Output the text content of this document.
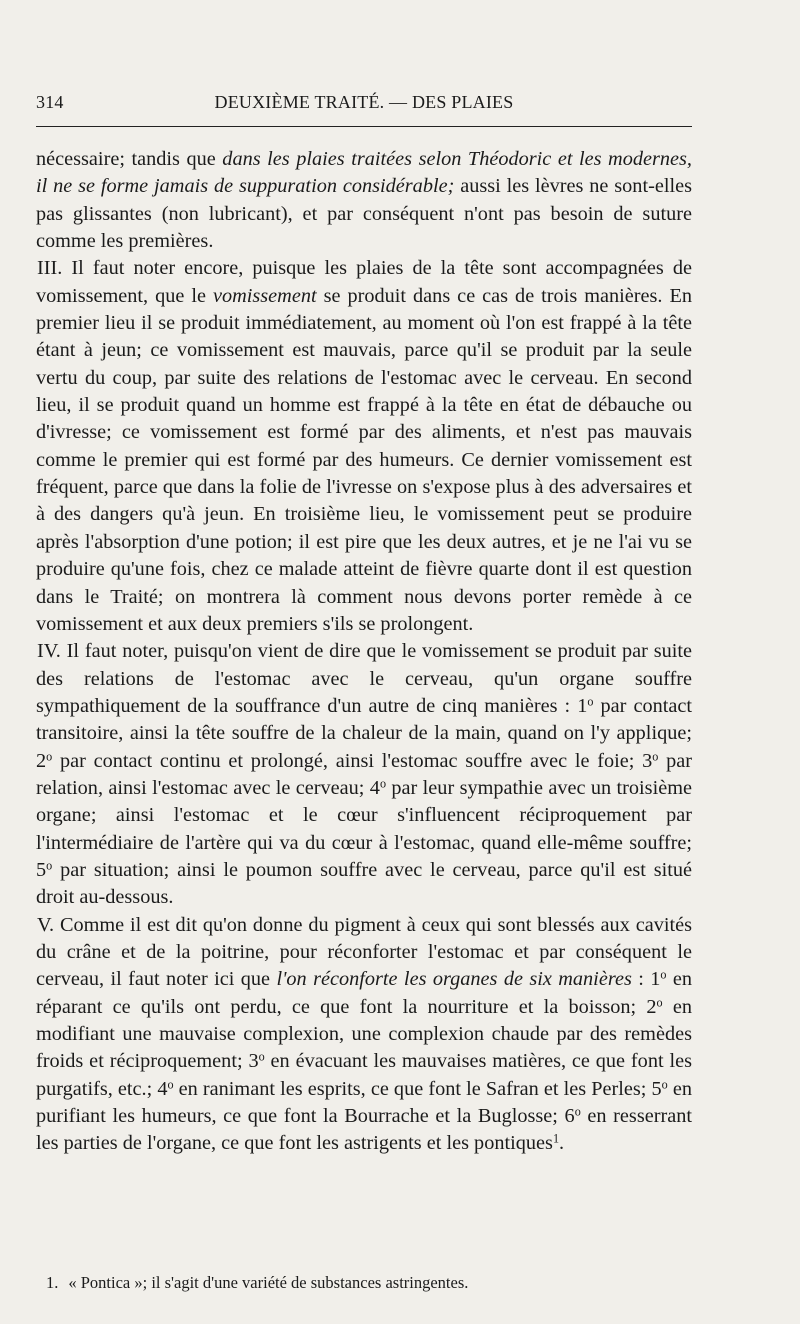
314	DEUXIÈME TRAITÉ. — DES PLAIES

nécessaire; tandis que dans les plaies traitées selon Théodoric et les modernes, il ne se forme jamais de suppuration considérable; aussi les lèvres ne sont-elles pas glissantes (non lubricant), et par conséquent n'ont pas besoin de suture comme les premières.

III. Il faut noter encore, puisque les plaies de la tête sont accompagnées de vomissement, que le vomissement se produit dans ce cas de trois manières. En premier lieu il se produit immédiatement, au moment où l'on est frappé à la tête étant à jeun; ce vomissement est mauvais, parce qu'il se produit par la seule vertu du coup, par suite des relations de l'estomac avec le cerveau. En second lieu, il se produit quand un homme est frappé à la tête en état de débauche ou d'ivresse; ce vomissement est formé par des aliments, et n'est pas mauvais comme le premier qui est formé par des humeurs. Ce dernier vomissement est fréquent, parce que dans la folie de l'ivresse on s'expose plus à des adversaires et à des dangers qu'à jeun. En troisième lieu, le vomissement peut se produire après l'absorption d'une potion; il est pire que les deux autres, et je ne l'ai vu se produire qu'une fois, chez ce malade atteint de fièvre quarte dont il est question dans le Traité; on montrera là comment nous devons porter remède à ce vomissement et aux deux premiers s'ils se prolongent.

IV. Il faut noter, puisqu'on vient de dire que le vomissement se produit par suite des relations de l'estomac avec le cerveau, qu'un organe souffre sympathiquement de la souffrance d'un autre de cinq manières : 1$^o$ par contact transitoire, ainsi la tête souffre de la chaleur de la main, quand on l'y applique; 2$^o$ par contact continu et prolongé, ainsi l'estomac souffre avec le foie; 3$^o$ par relation, ainsi l'estomac avec le cerveau; 4$^o$ par leur sympathie avec un troisième organe; ainsi l'estomac et le cœur s'influencent réciproquement par l'intermédiaire de l'artère qui va du cœur à l'estomac, quand elle-même souffre; 5$^o$ par situation; ainsi le poumon souffre avec le cerveau, parce qu'il est situé droit au-dessous.

V. Comme il est dit qu'on donne du pigment à ceux qui sont blessés aux cavités du crâne et de la poitrine, pour réconforter l'estomac et par conséquent le cerveau, il faut noter ici que l'on réconforte les organes de six manières : 1$^o$ en réparant ce qu'ils ont perdu, ce que font la nourriture et la boisson; 2$^o$ en modifiant une mauvaise complexion, une complexion chaude par des remèdes froids et réciproquement; 3$^o$ en évacuant les mauvaises matières, ce que font les purgatifs, etc.; 4$^o$ en ranimant les esprits, ce que font le Safran et les Perles; 5$^o$ en purifiant les humeurs, ce que font la Bourrache et la Buglosse; 6$^o$ en resserrant les parties de l'organe, ce que font les astrigents et les pontiques$^1$.

1. « Pontica »; il s'agit d'une variété de substances astringentes.
